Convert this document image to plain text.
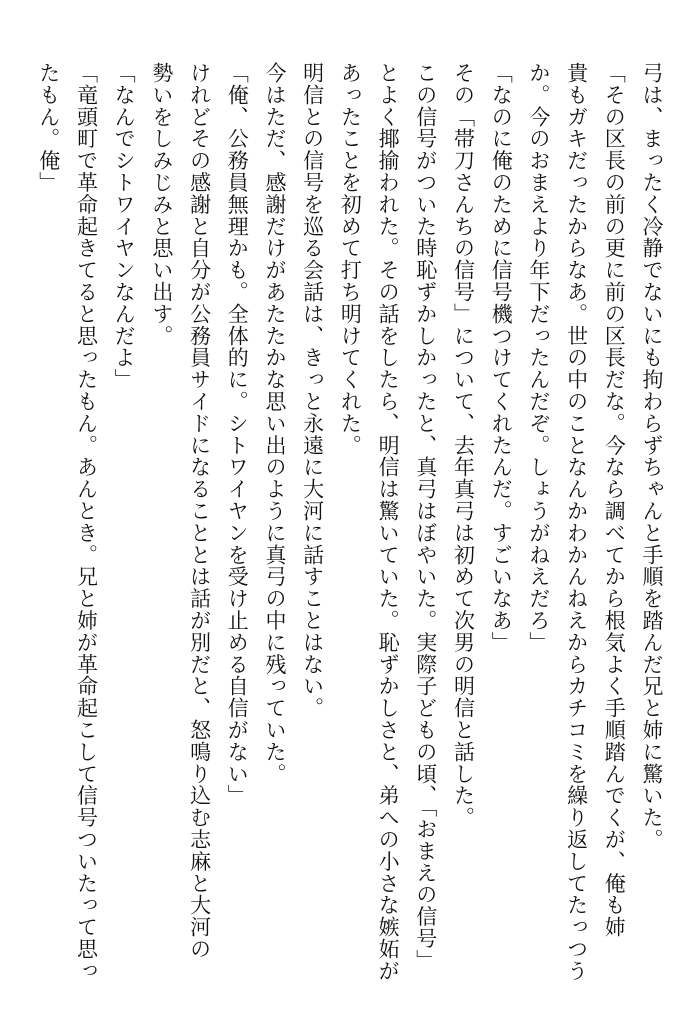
弓は、まったく冷静でないにも拘わらずちゃんと手順を踏んだ兄と姉に驚いた。

「その区長の前の更に前の区長だな。今なら調べてから根気よく手順踏んでくが、俺も姉

貴もガキだったからなあ。世の中のことなんかわかんねえからカチコミを繰り返してたっつう

か。今のおまえより年下だったんだぞ。しょうがねえだろ」

「なのに俺のために信号機つけてくれたんだ。すごいなあ」

その「帯刀さんちの信号」について、去年真弓は初めて次男の明信と話した。

この信号がついた時恥ずかしかったと、真弓はぼやいた。実際子どもの頃、「おまえの信号」

とよく揶揄われた。その話をしたら、明信は驚いていた。恥ずかしさと、弟への小さな嫉妬が

あったことを初めて打ち明けてくれた。

明信との信号を巡る会話は、きっと永遠に大河に話すことはない。

今はただ、感謝だけがあたたかな思い出のように真弓の中に残っていた。

「俺、公務員無理かも。全体的に。シトワイヤンを受け止める自信がない」

けれどその感謝と自分が公務員サイドになることとは話が別だと、怒鳴り込む志麻と大河の

勢いをしみじみと思い出す。

「なんでシトワイヤンなんだよ」

「竜頭町で革命起きてると思ったもん。あんとき。兄と姉が革命起こして信号ついたって思っ

たもん。俺」
